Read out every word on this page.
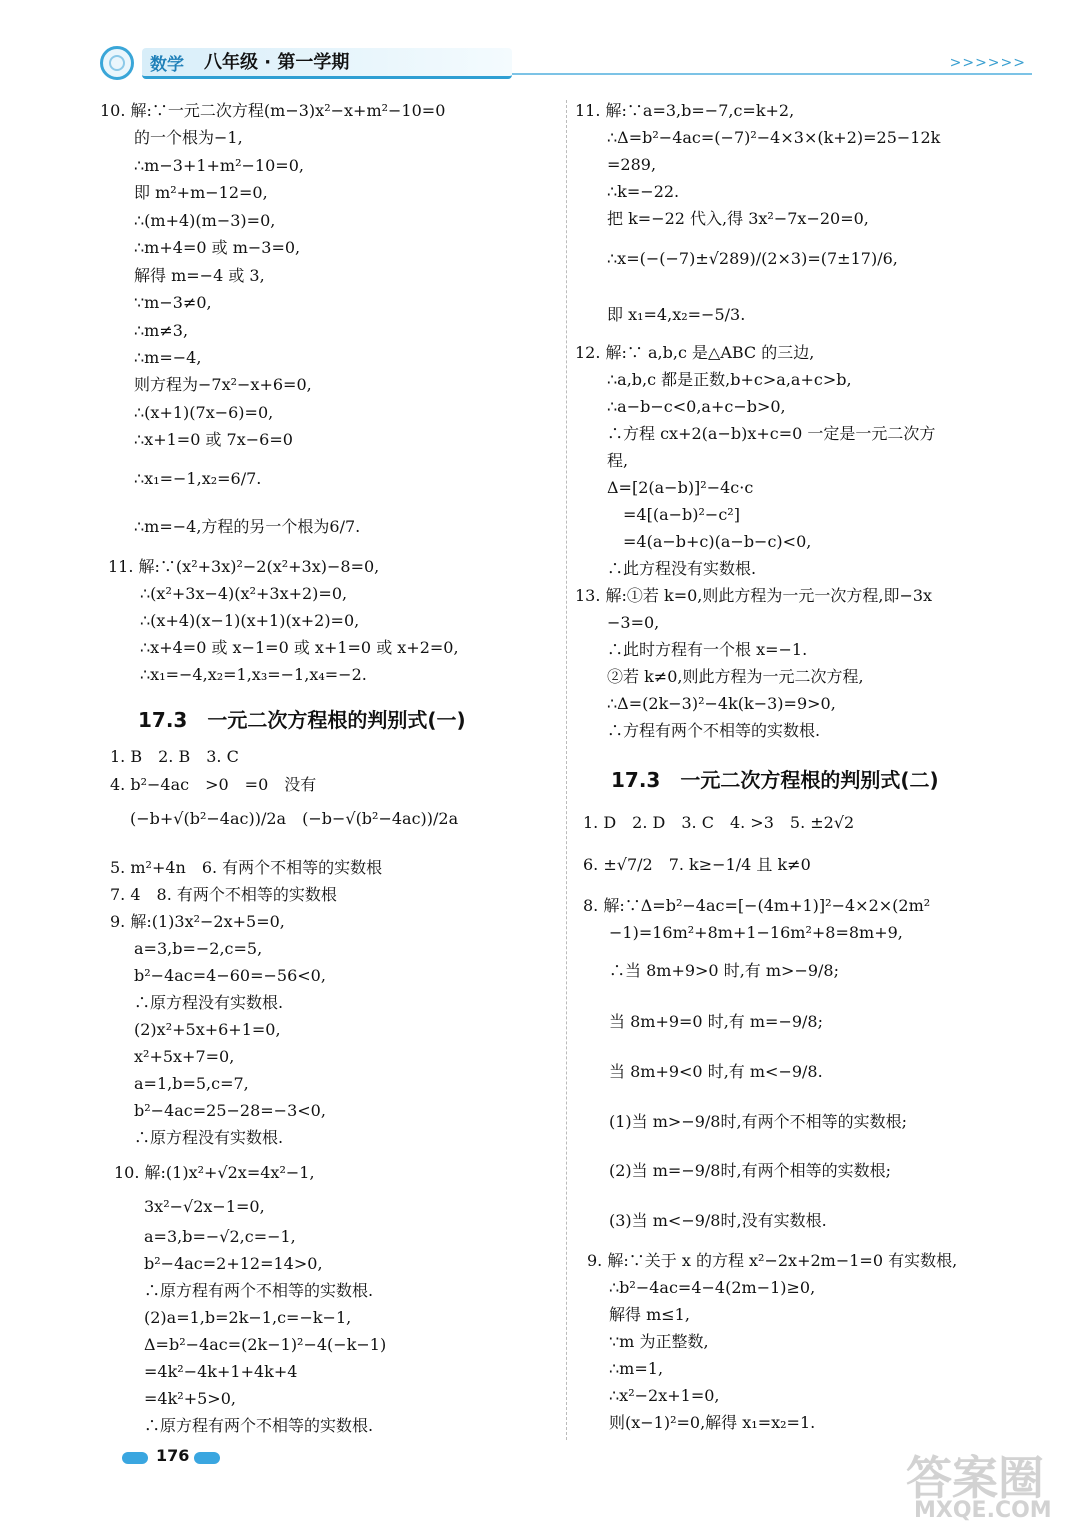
数学 八年级 · 第一学期	>>>>>>
10. 解:∵一元二次方程(m−3)x²−x+m²−10=0
的一个根为−1,
∴m−3+1+m²−10=0,
即 m²+m−12=0,
∴(m+4)(m−3)=0,
∴m+4=0 或 m−3=0,
解得 m=−4 或 3,
∵m−3≠0,
∴m≠3,
∴m=−4,
则方程为−7x²−x+6=0,
∴(x+1)(7x−6)=0,
∴x+1=0 或 7x−6=0
∴x₁=−1,x₂=6/7.
∴m=−4,方程的另一个根为6/7.
11. 解:∵(x²+3x)²−2(x²+3x)−8=0,
∴(x²+3x−4)(x²+3x+2)=0,
∴(x+4)(x−1)(x+1)(x+2)=0,
∴x+4=0 或 x−1=0 或 x+1=0 或 x+2=0,
∴x₁=−4,x₂=1,x₃=−1,x₄=−2.
17.3　一元二次方程根的判别式(一)
1. B　2. B　3. C
4. b²−4ac　>0　=0　没有
(−b+√(b²−4ac))/2a　(−b−√(b²−4ac))/2a
5. m²+4n　6. 有两个不相等的实数根
7. 4　8. 有两个不相等的实数根
9. 解:(1)3x²−2x+5=0,
a=3,b=−2,c=5,
b²−4ac=4−60=−56<0,
∴原方程没有实数根.
(2)x²+5x+6+1=0,
x²+5x+7=0,
a=1,b=5,c=7,
b²−4ac=25−28=−3<0,
∴原方程没有实数根.
10. 解:(1)x²+√2x=4x²−1,
3x²−√2x−1=0,
a=3,b=−√2,c=−1,
b²−4ac=2+12=14>0,
∴原方程有两个不相等的实数根.
(2)a=1,b=2k−1,c=−k−1,
Δ=b²−4ac=(2k−1)²−4(−k−1)
=4k²−4k+1+4k+4
=4k²+5>0,
∴原方程有两个不相等的实数根.
11. 解:∵a=3,b=−7,c=k+2,
∴Δ=b²−4ac=(−7)²−4×3×(k+2)=25−12k
=289,
∴k=−22.
把 k=−22 代入,得 3x²−7x−20=0,
∴x=(−(−7)±√289)/(2×3)=(7±17)/6,
即 x₁=4,x₂=−5/3.
12. 解:∵ a,b,c 是△ABC 的三边,
∴a,b,c 都是正数,b+c>a,a+c>b,
∴a−b−c<0,a+c−b>0,
∴方程 cx+2(a−b)x+c=0 一定是一元二次方
程,
Δ=[2(a−b)]²−4c·c
=4[(a−b)²−c²]
=4(a−b+c)(a−b−c)<0,
∴此方程没有实数根.
13. 解:①若 k=0,则此方程为一元一次方程,即−3x
−3=0,
∴此时方程有一个根 x=−1.
②若 k≠0,则此方程为一元二次方程,
∴Δ=(2k−3)²−4k(k−3)=9>0,
∴方程有两个不相等的实数根.
17.3　一元二次方程根的判别式(二)
1. D　2. D　3. C　4. >3　5. ±2√2
6. ±√7/2　7. k≥−1/4 且 k≠0
8. 解:∵Δ=b²−4ac=[−(4m+1)]²−4×2×(2m²
−1)=16m²+8m+1−16m²+8=8m+9,
∴当 8m+9>0 时,有 m>−9/8;
当 8m+9=0 时,有 m=−9/8;
当 8m+9<0 时,有 m<−9/8.
(1)当 m>−9/8时,有两个不相等的实数根;
(2)当 m=−9/8时,有两个相等的实数根;
(3)当 m<−9/8时,没有实数根.
9. 解:∵关于 x 的方程 x²−2x+2m−1=0 有实数根,
∴b²−4ac=4−4(2m−1)≥0,
解得 m≤1,
∵m 为正整数,
∴m=1,
∴x²−2x+1=0,
则(x−1)²=0,解得 x₁=x₂=1.
176	答案圈
MXQE.COM
